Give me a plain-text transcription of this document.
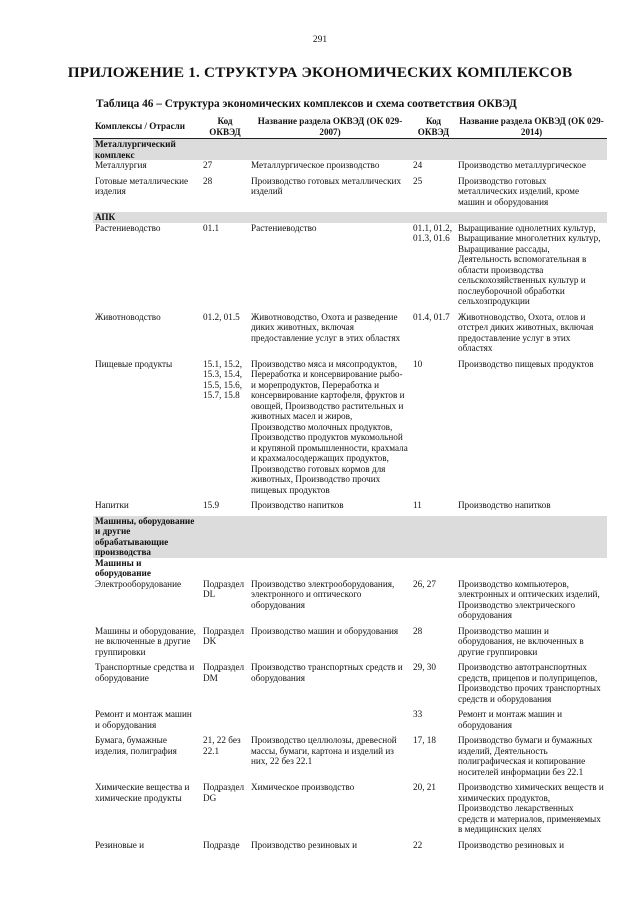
291
ПРИЛОЖЕНИЕ 1. СТРУКТУРА ЭКОНОМИЧЕСКИХ КОМПЛЕКСОВ
Таблица 46 – Структура экономических комплексов и схема соответствия ОКВЭД
Комплексы / Отрасли	Код ОКВЭД	Название раздела ОКВЭД (ОК 029-2007)	Код ОКВЭД	Название раздела ОКВЭД (ОК 029-2014)
Металлургический комплекс				
Металлургия	27	Металлургическое производство	24	Производство металлургическое
Готовые металлические изделия	28	Производство готовых металлических изделий	25	Производство готовых металлических изделий, кроме машин и оборудования
АПК				
Растениеводство	01.1	Растениеводство	01.1, 01.2, 01.3, 01.6	Выращивание однолетних культур, Выращивание многолетних культур, Выращивание рассады, Деятельность вспомогательная в области производства сельскохозяйственных культур и послеуборочной обработки сельхозпродукции
Животноводство	01.2, 01.5	Животноводство, Охота и разведение диких животных, включая предоставление услуг в этих областях	01.4, 01.7	Животноводство, Охота, отлов и отстрел диких животных, включая предоставление услуг в этих областях
Пищевые продукты	15.1, 15.2, 15.3, 15.4, 15.5, 15.6, 15.7, 15.8	Производство мяса и мясопродуктов, Переработка и консервирование рыбо- и морепродуктов, Переработка и консервирование картофеля, фруктов и овощей, Производство растительных и животных масел и жиров, Производство молочных продуктов, Производство продуктов мукомольной и крупяной промышленности, крахмала и крахмалосодержащих продуктов, Производство готовых кормов для животных, Производство прочих пищевых продуктов	10	Производство пищевых продуктов
Напитки	15.9	Производство напитков	11	Производство напитков
Машины, оборудование и другие обрабатывающие производства				
Машины и оборудование				
Электрооборудование	Подраздел DL	Производство электрооборудования, электронного и оптического оборудования	26, 27	Производство компьютеров, электронных и оптических изделий, Производство электрического оборудования
Машины и оборудование, не включенные в другие группировки	Подраздел DK	Производство машин и оборудования	28	Производство машин и оборудования, не включенных в другие группировки
Транспортные средства и оборудование	Подраздел DM	Производство транспортных средств и оборудования	29, 30	Производство автотранспортных средств, прицепов и полуприцепов, Производство прочих транспортных средств и оборудования
Ремонт и монтаж машин и оборудования			33	Ремонт и монтаж машин и оборудования
Бумага, бумажные изделия, полиграфия	21, 22 без 22.1	Производство целлюлозы, древесной массы, бумаги, картона и изделий из них, 22 без 22.1	17, 18	Производство бумаги и бумажных изделий, Деятельность полиграфическая и копирование носителей информации без 22.1
Химические вещества и химические продукты	Подраздел DG	Химическое производство	20, 21	Производство химических веществ и химических продуктов, Производство лекарственных средств и материалов, применяемых в медицинских целях
Резиновые и	Подразде	Производство резиновых и	22	Производство резиновых и
